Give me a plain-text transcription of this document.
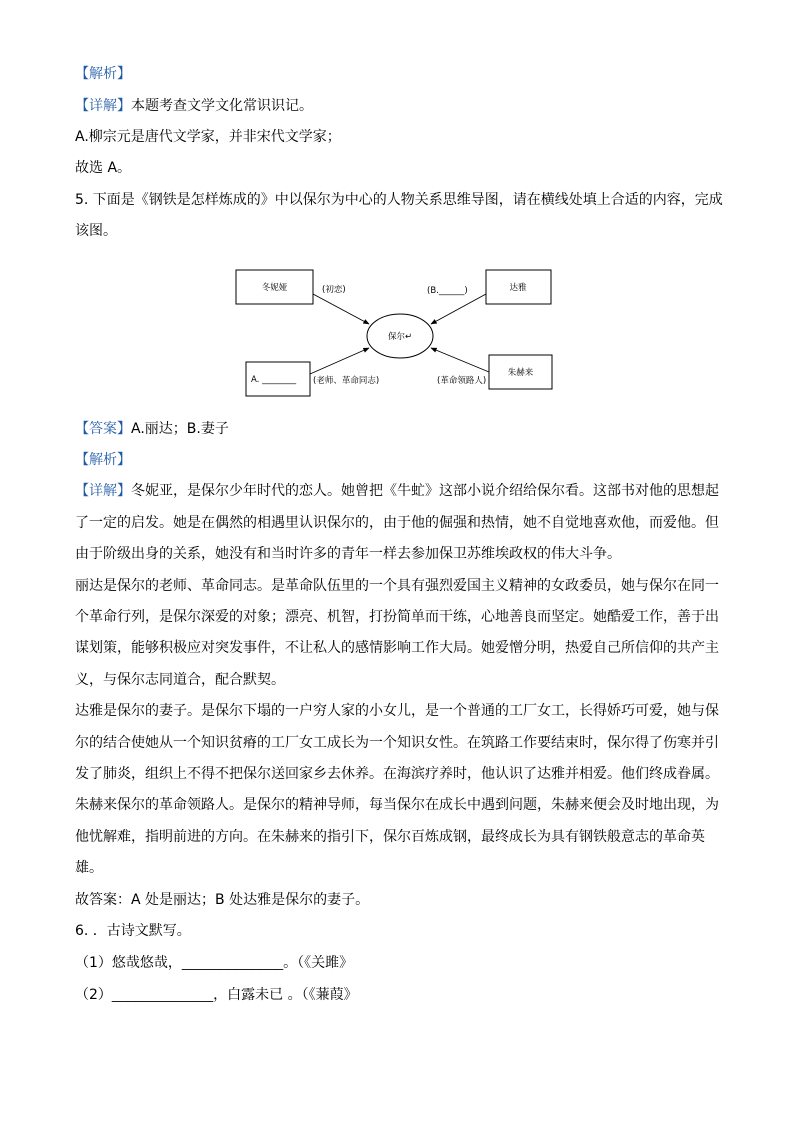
【解析】
【详解】本题考查文学文化常识识记。
A.柳宗元是唐代文学家，并非宋代文学家；
故选 A。
5. 下面是《钢铁是怎样炼成的》中以保尔为中心的人物关系思维导图，请在横线处填上合适的内容，完成
该图。
保尔↵
冬妮娅	达雅
A. ________
朱赫来
(初恋)	(B.______)
(老师、革命同志)	(革命领路人)
【答案】A.丽达；B.妻子
【解析】
【详解】冬妮亚，是保尔少年时代的恋人。她曾把《牛虻》这部小说介绍给保尔看。这部书对他的思想起
了一定的启发。她是在偶然的相遇里认识保尔的，由于他的倔强和热情，她不自觉地喜欢他，而爱他。但
由于阶级出身的关系，她没有和当时许多的青年一样去参加保卫苏维埃政权的伟大斗争。
丽达是保尔的老师、革命同志。是革命队伍里的一个具有强烈爱国主义精神的女政委员，她与保尔在同一
个革命行列，是保尔深爱的对象；漂亮、机智，打扮简单而干练，心地善良而坚定。她酷爱工作，善于出
谋划策，能够积极应对突发事件，不让私人的感情影响工作大局。她爱憎分明，热爱自己所信仰的共产主
义，与保尔志同道合，配合默契。
达雅是保尔的妻子。是保尔下塌的一户穷人家的小女儿，是一个普通的工厂女工，长得娇巧可爱，她与保
尔的结合使她从一个知识贫瘠的工厂女工成长为一个知识女性。在筑路工作要结束时，保尔得了伤寒并引
发了肺炎，组织上不得不把保尔送回家乡去休养。在海滨疗养时，他认识了达雅并相爱。他们终成眷属。
朱赫来保尔的革命领路人。是保尔的精神导师，每当保尔在成长中遇到问题，朱赫来便会及时地出现，为
他忧解难，指明前进的方向。在朱赫来的指引下，保尔百炼成钢，最终成长为具有钢铁般意志的革命英
雄。
故答案：A 处是丽达；B 处达雅是保尔的妻子。
6. ．古诗文默写。
（1）悠哉悠哉，_____________。（《关雎》
（2）_____________，白露未已 。（《蒹葭》
